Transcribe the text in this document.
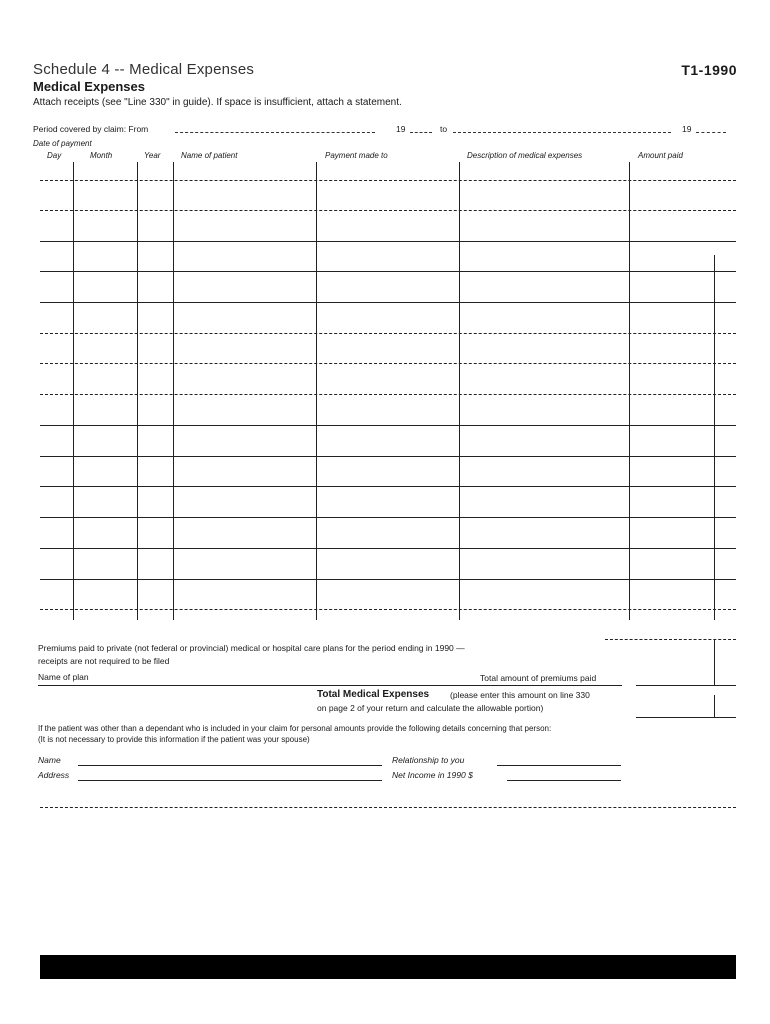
Schedule 4 -- Medical Expenses	T1-1990
Medical Expenses
Attach receipts (see "Line 330" in guide). If space is insufficient, attach a statement.
Period covered by claim: From	19	to	19
Date of payment
Day	Month	Year	Name of patient	Payment made to	Description of medical expenses	Amount paid
Premiums paid to private (not federal or provincial) medical or hospital care plans for the period ending in 1990 —
receipts are not required to be filed
Name of plan	Total amount of premiums paid
Total Medical Expenses (please enter this amount on line 330
on page 2 of your return and calculate the allowable portion)
If the patient was other than a dependant who is included in your claim for personal amounts provide the following details concerning that person:
(It is not necessary to provide this information if the patient was your spouse)
Name	Relationship to you
Address	Net Income in 1990 $
